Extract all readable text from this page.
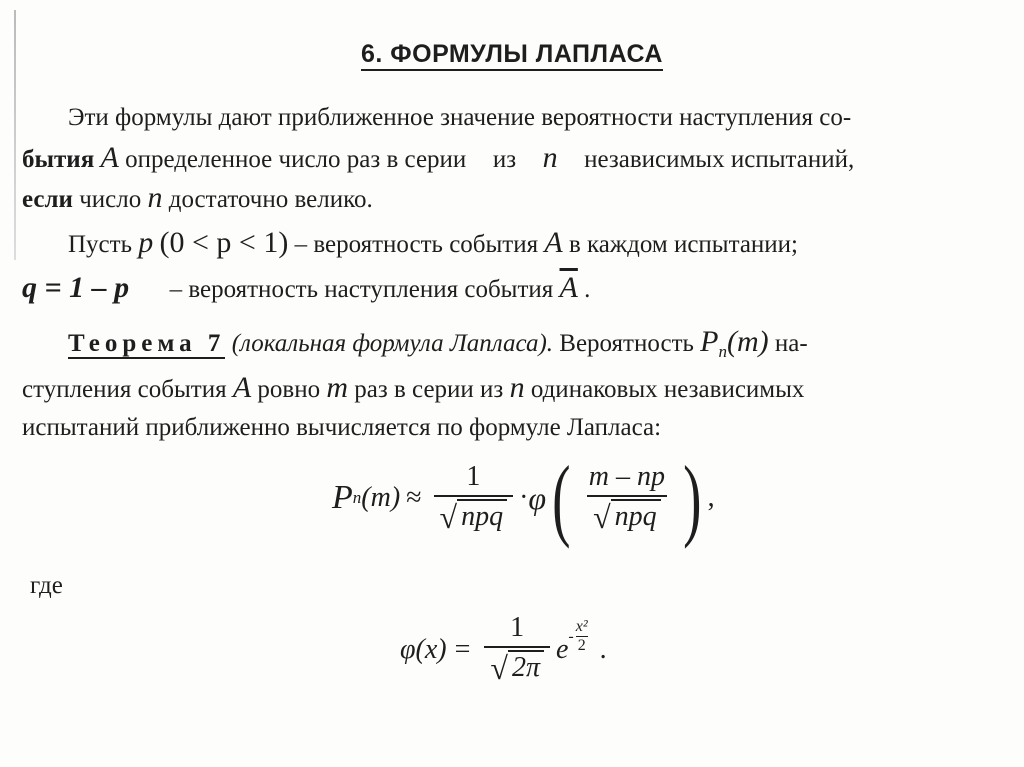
6. ФОРМУЛЫ ЛАПЛАСА
Эти формулы дают приближенное значение вероятности наступления со-
бытия A определенное число раз в серии из n независимых испытаний,
если число n достаточно велико.
Пусть p (0 < p < 1) – вероятность события A в каждом испытании;
q = 1 – p – вероятность наступления события $\overline{A}$ .
Теорема 7 (локальная формула Лапласа). Вероятность $P_n(m)$ на-
ступления события A ровно m раз в серии из n одинаковых независимых
испытаний приближенно вычисляется по формуле Лапласа:
P n $(m) \approx \frac{1}{\text{√ npq}} \cdot \varphi$ ( $\frac{m - np}{\text{√ npq}}$ ) ,
где
$\varphi(x) = \frac{1}{√ 2\pi}$ e - $\frac{\text{x²}}{2}$ .
